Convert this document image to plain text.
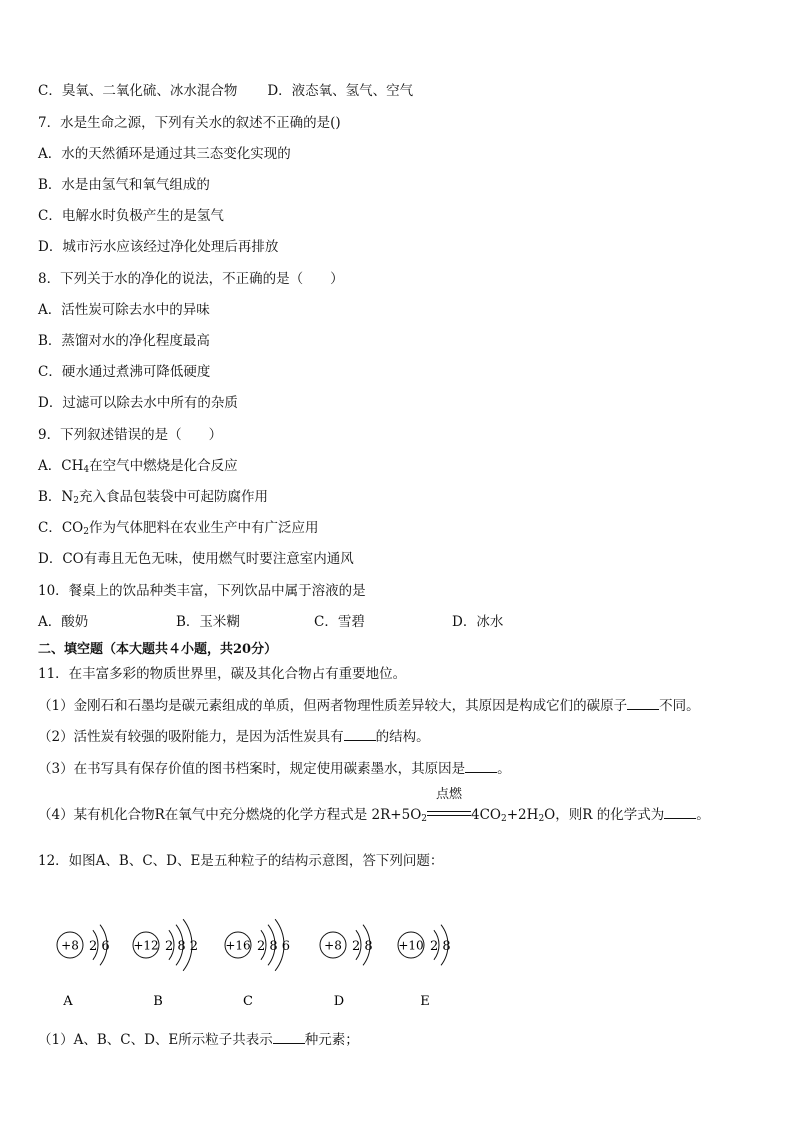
C．臭氧、二氧化硫、冰水混合物 D．液态氧、氢气、空气
7．水是生命之源，下列有关水的叙述不正确的是()
A．水的天然循环是通过其三态变化实现的
B．水是由氢气和氧气组成的
C．电解水时负极产生的是氢气
D．城市污水应该经过净化处理后再排放
8．下列关于水的净化的说法，不正确的是（　　）
A．活性炭可除去水中的异味
B．蒸馏对水的净化程度最高
C．硬水通过煮沸可降低硬度
D．过滤可以除去水中所有的杂质
9．下列叙述错误的是（　　）
A．$CH_4$在空气中燃烧是化合反应
B．$N_2$充入食品包装袋中可起防腐作用
C．$CO_2$作为气体肥料在农业生产中有广泛应用
D．CO有毒且无色无味，使用燃气时要注意室内通风
10．餐桌上的饮品种类丰富，下列饮品中属于溶液的是
A．酸奶	B．玉米糊	C．雪碧	D．冰水
二、填空题（本大题共４小题，共20分）
11．在丰富多彩的物质世界里，碳及其化合物占有重要地位。
（1）金刚石和石墨均是碳元素组成的单质，但两者物理性质差异较大，其原因是构成它们的碳原子 不同。
（2）活性炭有较强的吸附能力，是因为活性炭具有 的结构。
（3）在书写具有保存价值的图书档案时，规定使用碳素墨水，其原因是 。
（4）某有机化合物R在氧气中充分燃烧的化学方程式是 $2R+5O_2$
点燃
$4CO_2+2H_2O$，则R 的化学式为 。
12．如图A、B、C、D、E是五种粒子的结构示意图，答下列问题：
+8 2 6
A
+12 2 8 2
B
+16 2 8 6
C
+8 2 8
D
+10 2 8
E
（1）A、B、C、D、E所示粒子共表示 种元素；
